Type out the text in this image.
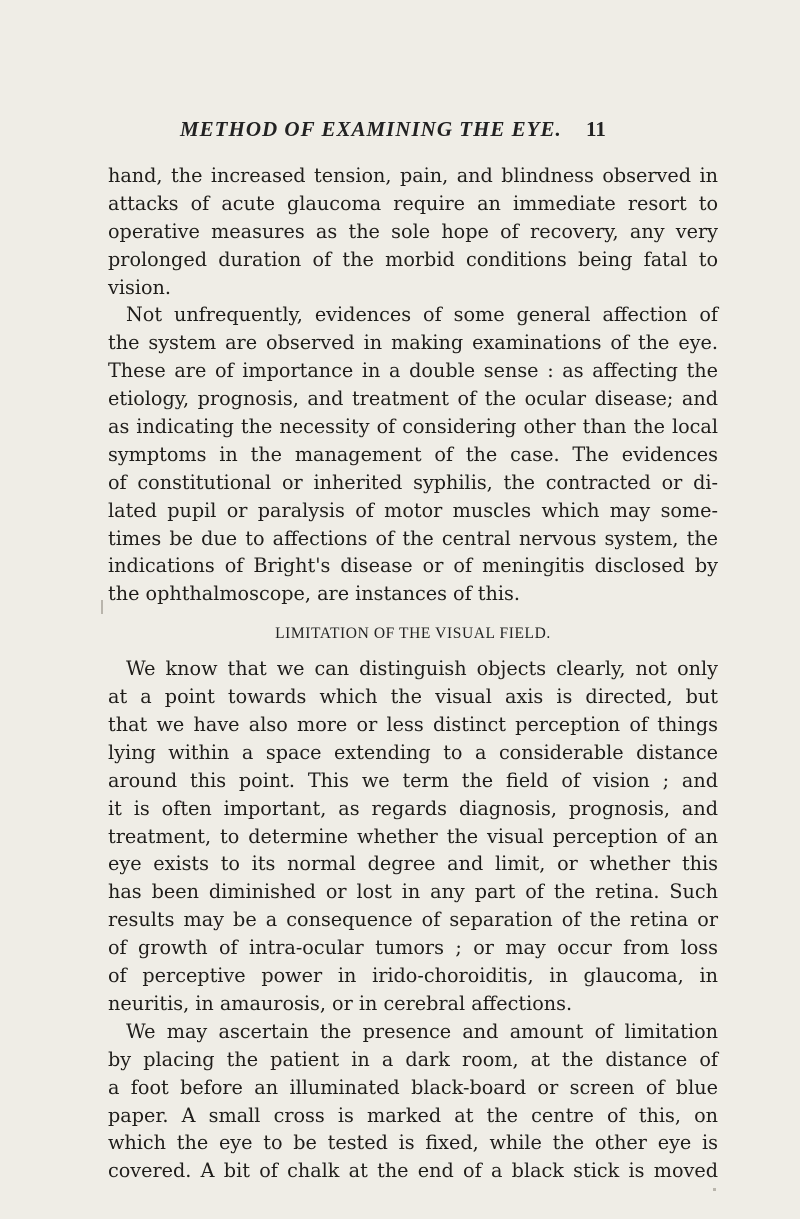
METHOD OF EXAMINING THE EYE. 11
hand, the increased tension, pain, and blindness observed in
attacks of acute glaucoma require an immediate resort to
operative measures as the sole hope of recovery, any very
prolonged duration of the morbid conditions being fatal to
vision.
Not unfrequently, evidences of some general affection of
the system are observed in making examinations of the eye.
These are of importance in a double sense : as affecting the
etiology, prognosis, and treatment of the ocular disease; and
as indicating the necessity of considering other than the local
symptoms in the management of the case. The evidences
of constitutional or inherited syphilis, the contracted or di-
lated pupil or paralysis of motor muscles which may some-
times be due to affections of the central nervous system, the
indications of Bright's disease or of meningitis disclosed by
the ophthalmoscope, are instances of this.
LIMITATION OF THE VISUAL FIELD.
We know that we can distinguish objects clearly, not only
at a point towards which the visual axis is directed, but
that we have also more or less distinct perception of things
lying within a space extending to a considerable distance
around this point. This we term the field of vision ; and
it is often important, as regards diagnosis, prognosis, and
treatment, to determine whether the visual perception of an
eye exists to its normal degree and limit, or whether this
has been diminished or lost in any part of the retina. Such
results may be a consequence of separation of the retina or
of growth of intra-ocular tumors ; or may occur from loss
of perceptive power in irido-choroiditis, in glaucoma, in
neuritis, in amaurosis, or in cerebral affections.
We may ascertain the presence and amount of limitation
by placing the patient in a dark room, at the distance of
a foot before an illuminated black-board or screen of blue
paper. A small cross is marked at the centre of this, on
which the eye to be tested is fixed, while the other eye is
covered. A bit of chalk at the end of a black stick is moved
